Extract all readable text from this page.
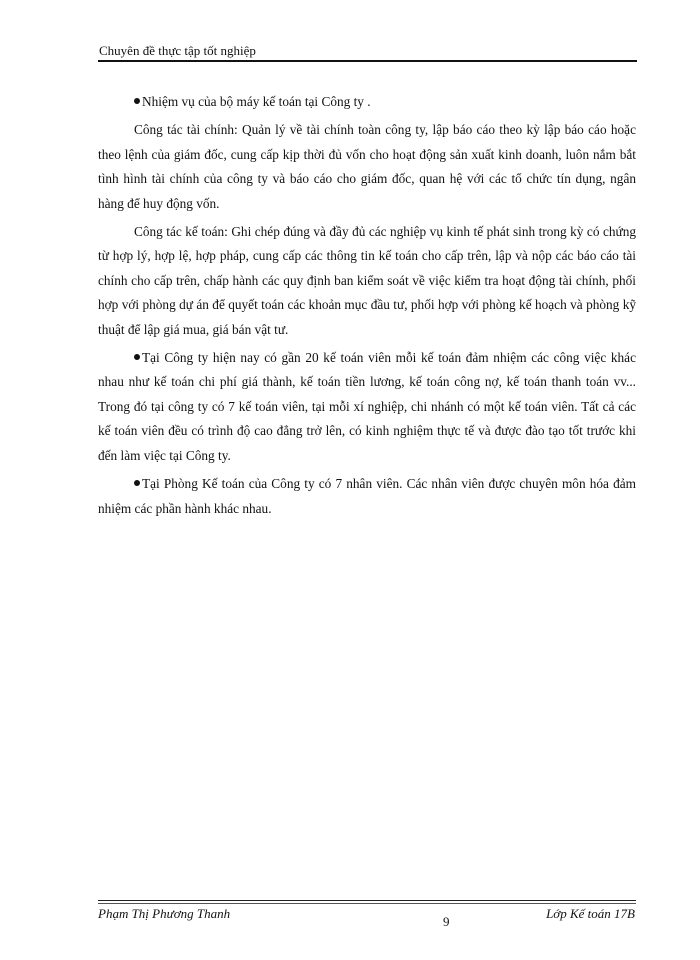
Chuyên đề thực tập tốt nghiệp

Nhiệm vụ của bộ máy kế toán tại Công ty .

Công tác tài chính: Quản lý về tài chính toàn công ty, lập báo cáo theo kỳ lập báo cáo hoặc theo lệnh của giám đốc, cung cấp kịp thời đủ vốn cho hoạt động sản xuất kinh doanh, luôn nắm bắt tình hình tài chính của công ty và báo cáo cho giám đốc, quan hệ với các tổ chức tín dụng, ngân hàng để huy động vốn.

Công tác kế toán: Ghi chép đúng và đầy đủ các nghiệp vụ kinh tế phát sinh trong kỳ có chứng từ hợp lý, hợp lệ, hợp pháp, cung cấp các thông tin kế toán cho cấp trên, lập và nộp các báo cáo tài chính cho cấp trên, chấp hành các quy định ban kiểm soát về việc kiểm tra hoạt động tài chính, phối hợp với phòng dự án để quyết toán các khoản mục đầu tư, phối hợp với phòng kế hoạch và phòng kỹ thuật để lập giá mua, giá bán vật tư.

Tại Công ty hiện nay có gần 20 kế toán viên mỗi kế toán đảm nhiệm các công việc khác nhau như kế toán chi phí giá thành, kế toán tiền lương, kế toán công nợ, kế toán thanh toán vv... Trong đó tại công ty có 7 kế toán viên, tại mỗi xí nghiệp, chi nhánh có một kế toán viên. Tất cả các kế toán viên đều có trình độ cao đẳng trở lên, có kinh nghiệm thực tế và được đào tạo tốt trước khi đến làm việc tại Công ty.

Tại Phòng Kế toán của Công ty có 7 nhân viên. Các nhân viên được chuyên môn hóa đảm nhiệm các phần hành khác nhau.

Phạm Thị Phương Thanh
9
Lớp Kế toán 17B
